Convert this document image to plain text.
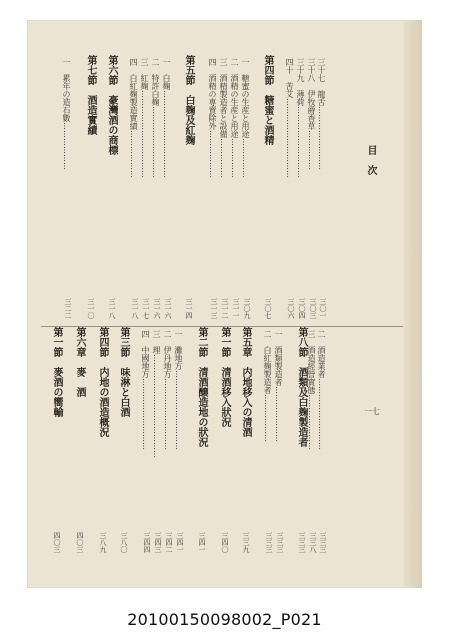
目　次
一七
三十七　龍舌……………………
三〇一
三十八　伊牧爵香草……………
三〇三
三十九　薄荷………………………
三〇四
四十　苦艾…………………………
三〇六
第四節　糖蜜と酒精
三〇七
一　糖蜜の生産と用途……………
三〇九
二　酒精の生産と用途……………
三一一
三　酒精製造者と設備……………
三一二
四　酒精の専賣除外………………
三一三
第五節　白麹及紅麹
三一四
一　白麹……………………………
三一六
二　特許白麹………………………
三一六
三　紅麹……………………………
三一七
四　白紅麹製造實績………………
三一八
第六節　豪灣酒の商標
三一八
第七節　酒造實績
三一〇
一　累年の造石數………………
三二二
二　酒造業者………………………
三三三
三　酒造經營實態…………………
三三八
第八節　酒類及白麹製造者
三三三
一　酒類製造者…………………
三三三
二　白紅麹製造者………………
三三三
第五章　内地移入の清酒
三三九
第一節　清酒移入狀況
三四〇
第二節　清酒醸造地の狀況
三四一
一　灘地方…………………………
三四一
二　伊丹地方………………………
三四二
三　理…………………………………
三四三
四　中國地方………………………
三四四
第三節　味淋と白酒
三八〇
第四節　内地の酒造概況
三八九
第六章　麥　酒
四〇三
第一節　麥酒の嚮輸
四〇三
20100150098002_P021
